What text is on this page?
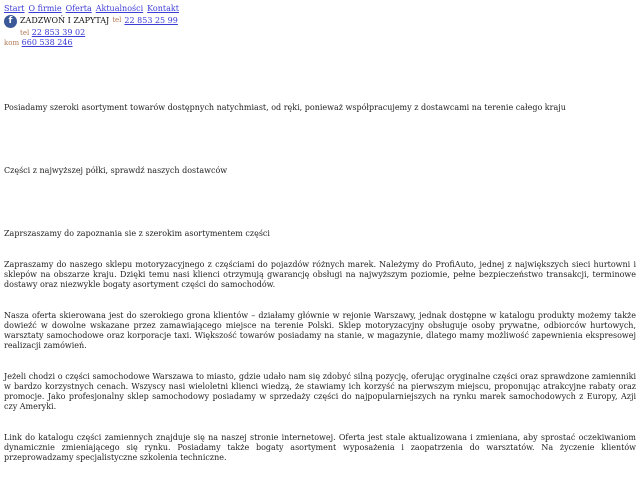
Start O firmie Oferta Aktualności Kontakt
f ZADZWOŃ I ZAPYTAJ tel 22 853 25 99
tel 22 853 39 02
kom 660 538 246

Posiadamy szeroki asortyment towarów dostępnych natychmiast, od ręki, ponieważ współpracujemy z dostawcami na terenie całego kraju

Części z najwyższej półki, sprawdź naszych dostawców

Zaprszaszamy do zapoznania sie z szerokim asortymentem części

Zapraszamy do naszego sklepu motoryzacyjnego z częściami do pojazdów różnych marek. Należymy do ProfiAuto, jednej z największych sieci hurtowni i sklepów na obszarze kraju. Dzięki temu nasi klienci otrzymują gwarancję obsługi na najwyższym poziomie, pełne bezpieczeństwo transakcji, terminowe dostawy oraz niezwykle bogaty asortyment części do samochodów.

Nasza oferta skierowana jest do szerokiego grona klientów – działamy głównie w rejonie Warszawy, jednak dostępne w katalogu produkty możemy także dowieźć w dowolne wskazane przez zamawiającego miejsce na terenie Polski. Sklep motoryzacyjny obsługuje osoby prywatne, odbiorców hurtowych, warsztaty samochodowe oraz korporacje taxi. Większość towarów posiadamy na stanie, w magazynie, dlatego mamy możliwość zapewnienia ekspresowej realizacji zamówień.

Jeżeli chodzi o części samochodowe Warszawa to miasto, gdzie udało nam się zdobyć silną pozycję, oferując oryginalne części oraz sprawdzone zamienniki w bardzo korzystnych cenach. Wszyscy nasi wieloletni klienci wiedzą, że stawiamy ich korzyść na pierwszym miejscu, proponując atrakcyjne rabaty oraz promocje. Jako profesjonalny sklep samochodowy posiadamy w sprzedaży części do najpopularniejszych na rynku marek samochodowych z Europy, Azji czy Ameryki.

Link do katalogu części zamiennych znajduje się na naszej stronie internetowej. Oferta jest stale aktualizowana i zmieniana, aby sprostać oczekiwaniom dynamicznie zmieniającego się rynku. Posiadamy także bogaty asortyment wyposażenia i zaopatrzenia do warsztatów. Na życzenie klientów przeprowadzamy specjalistyczne szkolenia techniczne.
